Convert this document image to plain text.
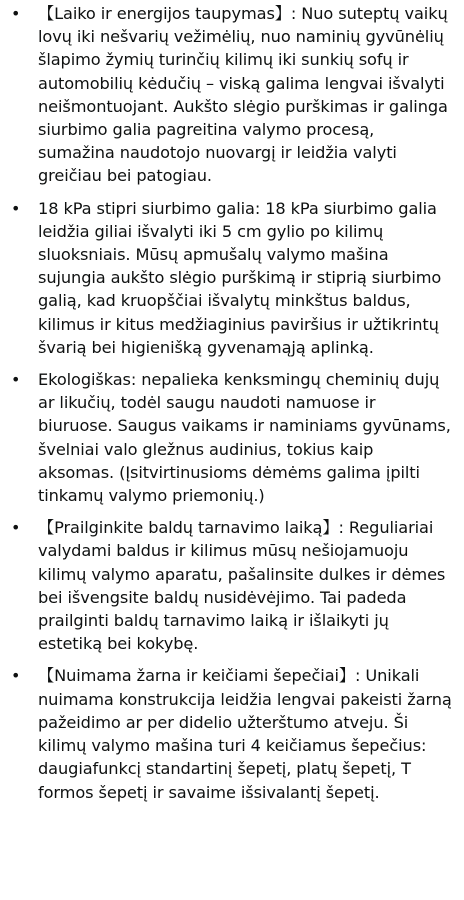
• 【Laiko ir energijos taupymas】: Nuo suteptų vaikų lovų iki nešvarių vežimėlių, nuo naminių gyvūnėlių šlapimo žymių turinčių kilimų iki sunkių sofų ir automobilių kėdučių – viską galima lengvai išvalyti neišmontuojant. Aukšto slėgio purškimas ir galinga siurbimo galia pagreitina valymo procesą, sumažina naudotojo nuovargį ir leidžia valyti greičiau bei patogiau.
• 18 kPa stipri siurbimo galia: 18 kPa siurbimo galia leidžia giliai išvalyti iki 5 cm gylio po kilimų sluoksniais. Mūsų apmušalų valymo mašina sujungia aukšto slėgio purškimą ir stiprią siurbimo galią, kad kruopščiai išvalytų minkštus baldus, kilimus ir kitus medžiaginius paviršius ir užtikrintų švarią bei higienišką gyvenamąją aplinką.
• Ekologiškas: nepalieka kenksmingų cheminių dujų ar likučių, todėl saugu naudoti namuose ir biuruose. Saugus vaikams ir naminiams gyvūnams, švelniai valo gležnus audinius, tokius kaip aksomas. (Įsitvirtinusioms dėmėms galima įpilti tinkamų valymo priemonių.)
• 【Prailginkite baldų tarnavimo laiką】: Reguliariai valydami baldus ir kilimus mūsų nešiojamuoju kilimų valymo aparatu, pašalinsite dulkes ir dėmes bei išvengsite baldų nusidėvėjimo. Tai padeda prailginti baldų tarnavimo laiką ir išlaikyti jų estetiką bei kokybę.
• 【Nuimama žarna ir keičiami šepečiai】: Unikali nuimama konstrukcija leidžia lengvai pakeisti žarną pažeidimo ar per didelio užterštumo atveju. Ši kilimų valymo mašina turi 4 keičiamus šepečius: daugiafunkcį standartinį šepetį, platų šepetį, T formos šepetį ir savaime išsivalantį šepetį.
